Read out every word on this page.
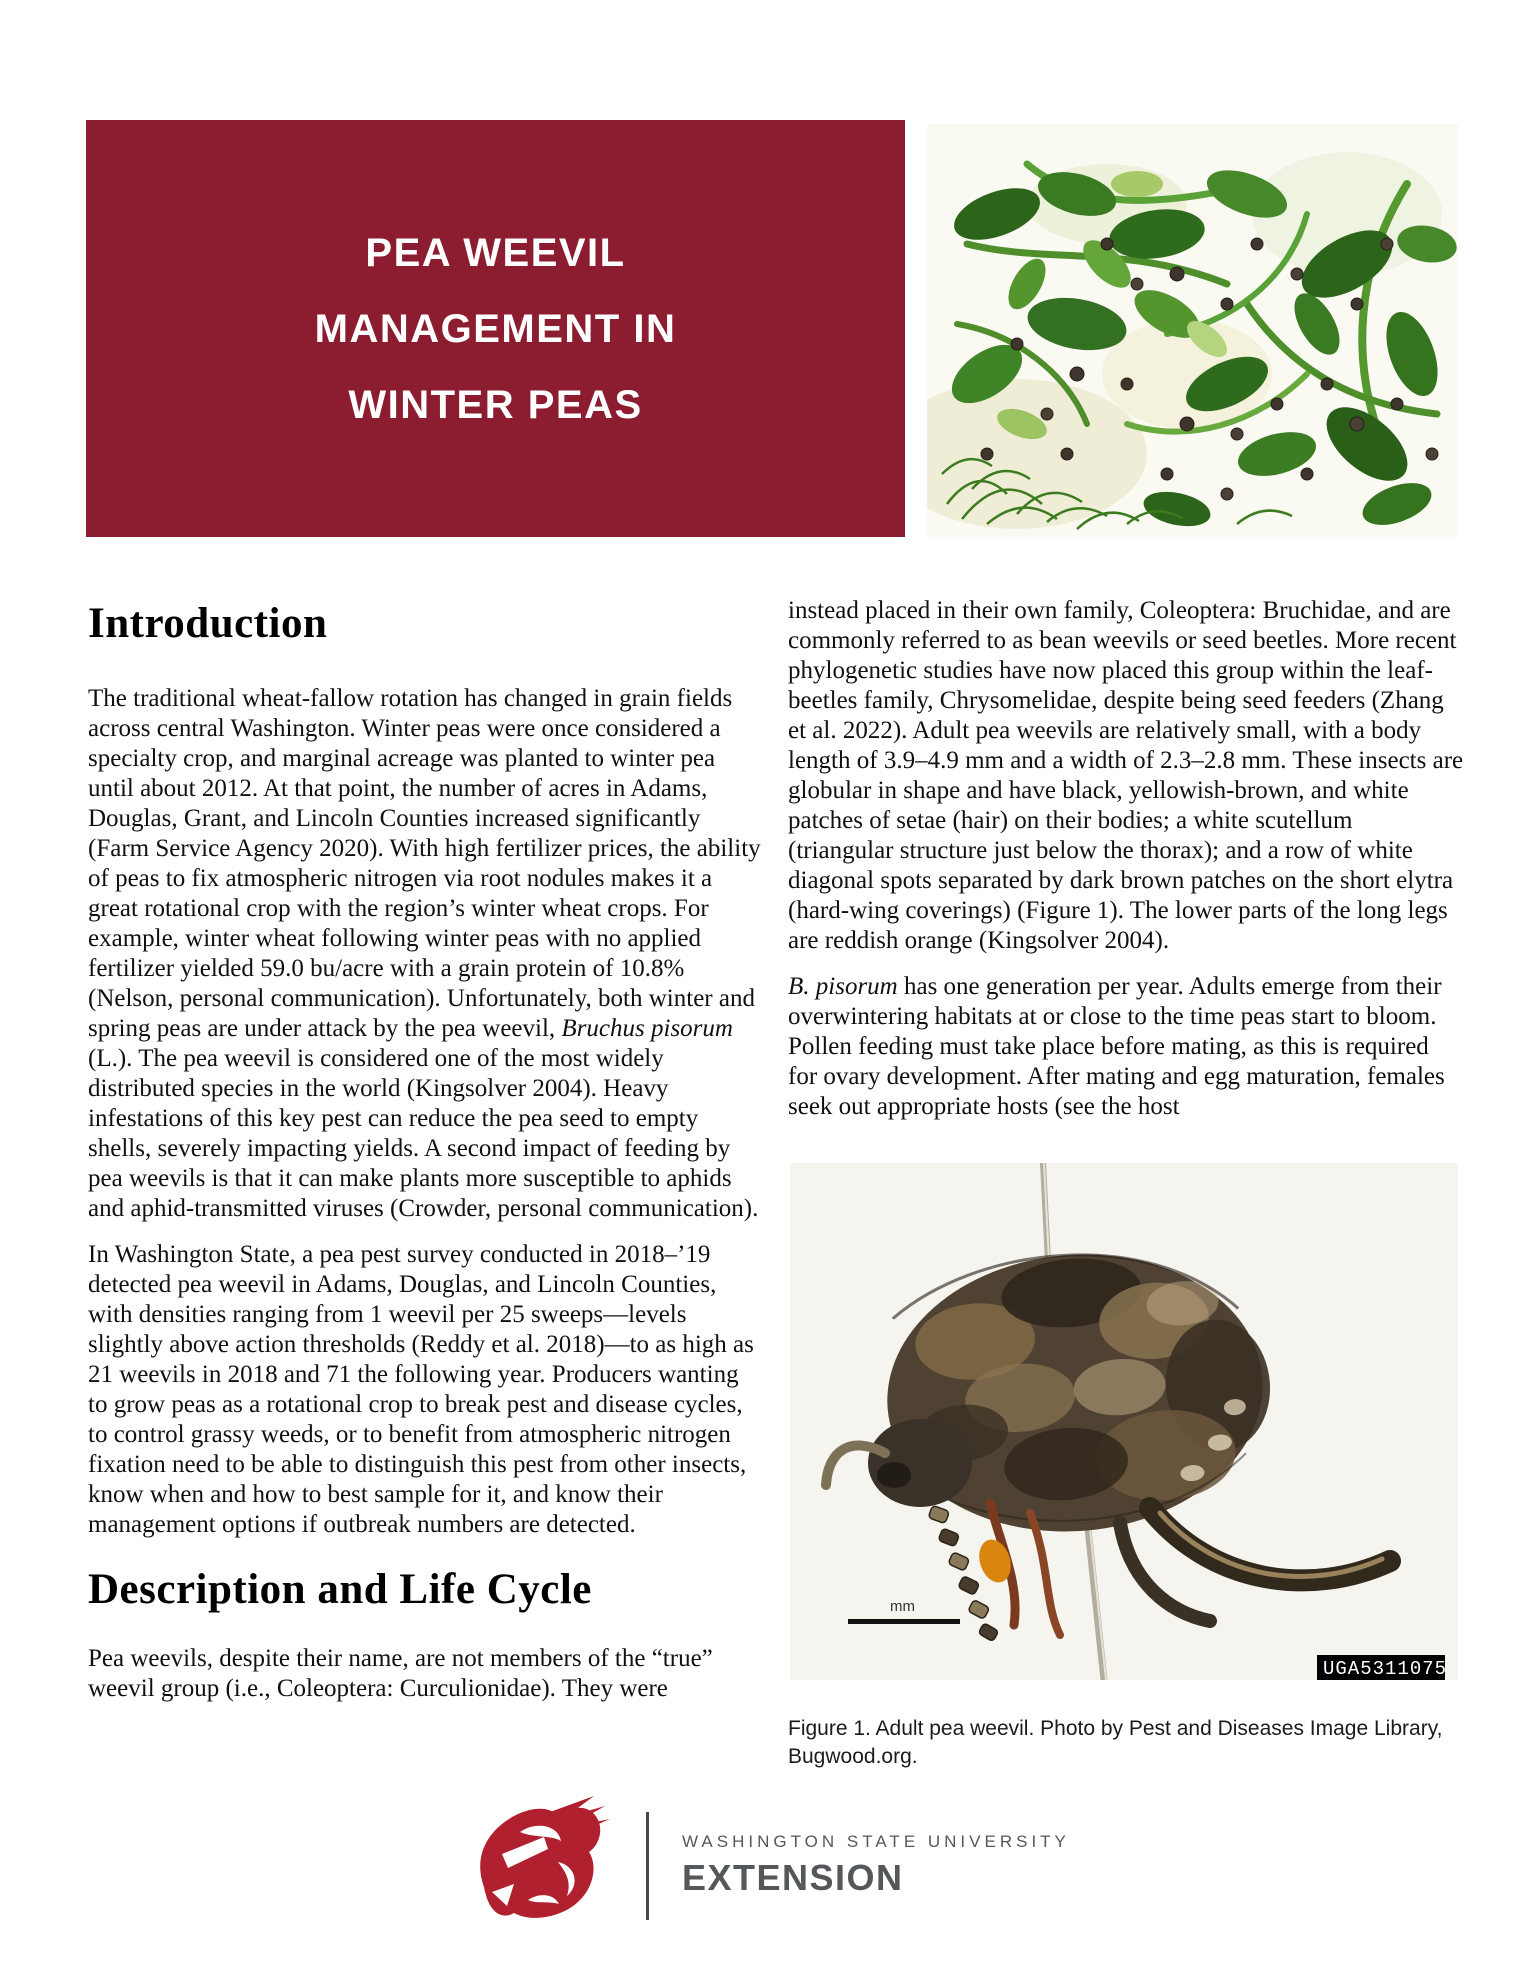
PEA WEEVIL
MANAGEMENT IN
WINTER PEAS
Introduction

The traditional wheat-fallow rotation has changed in grain fields across central Washington. Winter peas were once considered a specialty crop, and marginal acreage was planted to winter pea until about 2012. At that point, the number of acres in Adams, Douglas, Grant, and Lincoln Counties increased significantly (Farm Service Agency 2020). With high fertilizer prices, the ability of peas to fix atmospheric nitrogen via root nodules makes it a great rotational crop with the region’s winter wheat crops. For example, winter wheat following winter peas with no applied fertilizer yielded 59.0 bu/acre with a grain protein of 10.8% (Nelson, personal communication). Unfortunately, both winter and spring peas are under attack by the pea weevil, Bruchus pisorum (L.). The pea weevil is considered one of the most widely distributed species in the world (Kingsolver 2004). Heavy infestations of this key pest can reduce the pea seed to empty shells, severely impacting yields. A second impact of feeding by pea weevils is that it can make plants more susceptible to aphids and aphid-transmitted viruses (Crowder, personal communication).

In Washington State, a pea pest survey conducted in 2018–’19 detected pea weevil in Adams, Douglas, and Lincoln Counties, with densities ranging from 1 weevil per 25 sweeps—levels slightly above action thresholds (Reddy et al. 2018)—to as high as 21 weevils in 2018 and 71 the following year. Producers wanting to grow peas as a rotational crop to break pest and disease cycles, to control grassy weeds, or to benefit from atmospheric nitrogen fixation need to be able to distinguish this pest from other insects, know when and how to best sample for it, and know their management options if outbreak numbers are detected.

Description and Life Cycle

Pea weevils, despite their name, are not members of the “true” weevil group (i.e., Coleoptera: Curculionidae). They were

instead placed in their own family, Coleoptera: Bruchidae, and are commonly referred to as bean weevils or seed beetles. More recent phylogenetic studies have now placed this group within the leaf-beetles family, Chrysomelidae, despite being seed feeders (Zhang et al. 2022). Adult pea weevils are relatively small, with a body length of 3.9–4.9 mm and a width of 2.3–2.8 mm. These insects are globular in shape and have black, yellowish-brown, and white patches of setae (hair) on their bodies; a white scutellum (triangular structure just below the thorax); and a row of white diagonal spots separated by dark brown patches on the short elytra (hard-wing coverings) (Figure 1). The lower parts of the long legs are reddish orange (Kingsolver 2004).

B. pisorum has one generation per year. Adults emerge from their overwintering habitats at or close to the time peas start to bloom. Pollen feeding must take place before mating, as this is required for ovary development. After mating and egg maturation, females seek out appropriate hosts (see the host

mm
UGA5311075

Figure 1. Adult pea weevil. Photo by Pest and Diseases Image Library, Bugwood.org.

WASHINGTON STATE UNIVERSITY
EXTENSION
